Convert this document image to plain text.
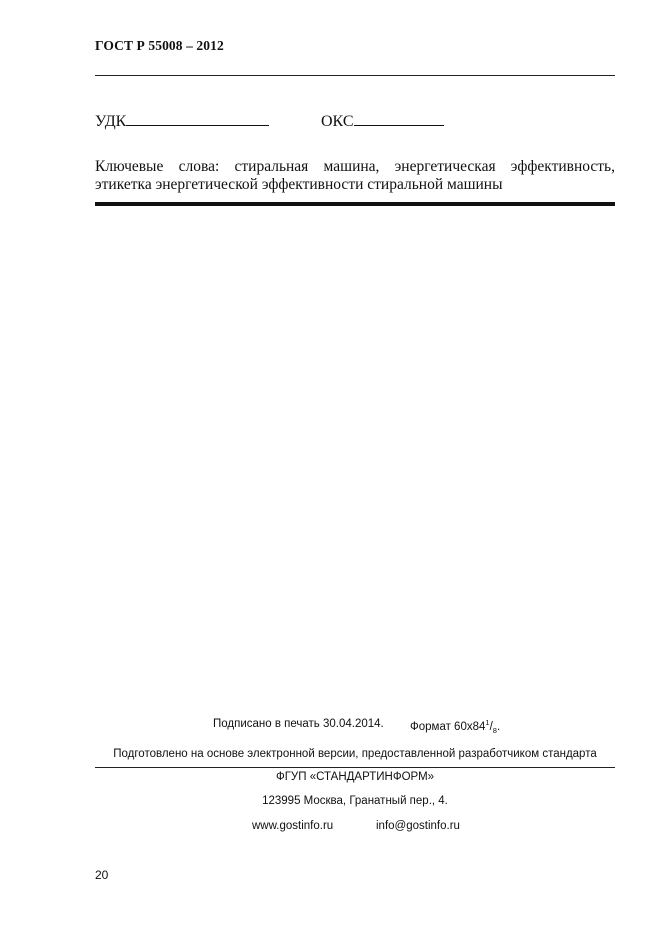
ГОСТ Р 55008 – 2012
УДК	ОКС
Ключевые слова: стиральная машина, энергетическая эффективность,
этикетка энергетической эффективности стиральной машины
Подписано в печать 30.04.2014. Формат $60х84^1/_8$.
Подготовлено на основе электронной версии, предоставленной разработчиком стандарта
ФГУП «СТАНДАРТИНФОРМ»
123995 Москва, Гранатный пер., 4.
www.gostinfo.ru	info@gostinfo.ru
20
